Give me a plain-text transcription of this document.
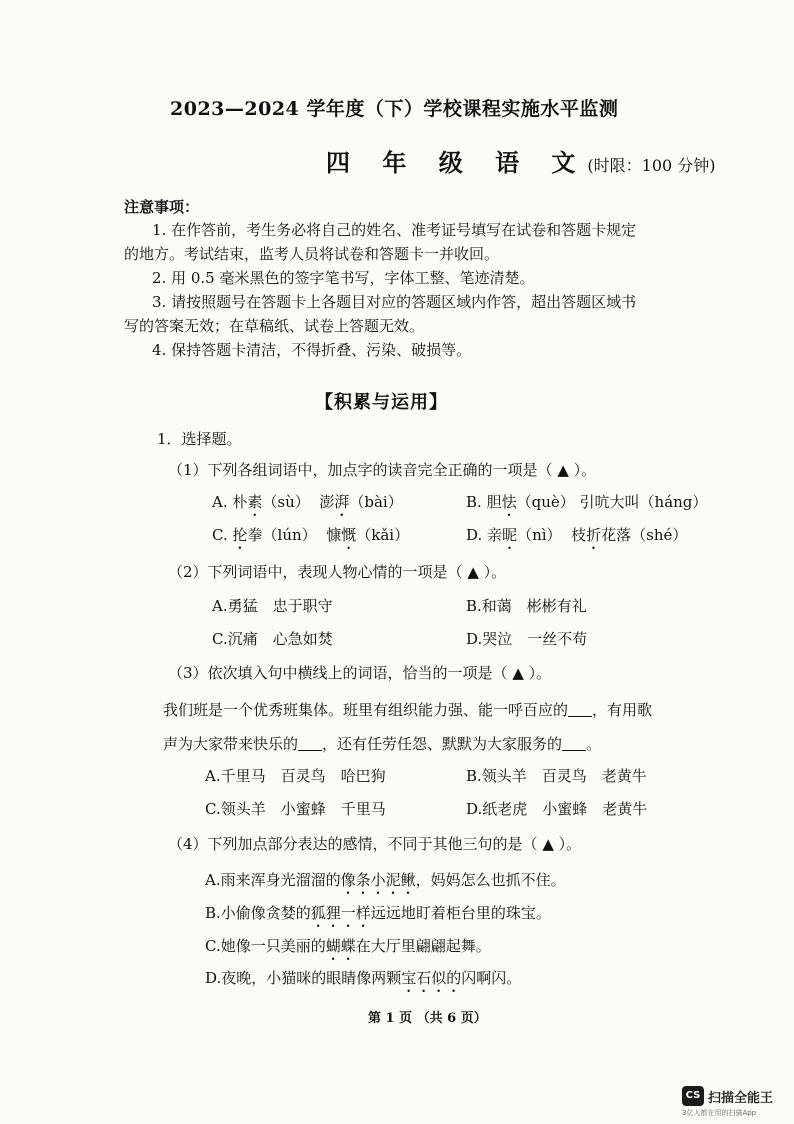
2023—2024 学年度（下）学校课程实施水平监测
四 年 级 语 文(时限：100 分钟)
注意事项：
1. 在作答前，考生务必将自己的姓名、准考证号填写在试卷和答题卡规定
的地方。考试结束，监考人员将试卷和答题卡一并收回。
2. 用 0.5 毫米黑色的签字笔书写，字体工整、笔迹清楚。
3. 请按照题号在答题卡上各题目对应的答题区域内作答，超出答题区域书
写的答案无效；在草稿纸、试卷上答题无效。
4. 保持答题卡清洁，不得折叠、污染、破损等。
【积累与运用】
1．选择题。
（1）下列各组词语中，加点字的读音完全正确的一项是（ ▲ ）。
A. 朴素（sù） 澎湃（bài）	B. 胆怯（què） 引吭大叫（háng）
C. 抡拳（lún） 慷慨（kǎi）	D. 亲昵（nì） 枝折花落（shé）
（2）下列词语中，表现人物心情的一项是（ ▲ ）。
A.勇猛　忠于职守	B.和蔼　彬彬有礼
C.沉痛　心急如焚	D.哭泣　一丝不苟
（3）依次填入句中横线上的词语，恰当的一项是（ ▲ ）。
我们班是一个优秀班集体。班里有组织能力强、能一呼百应的 ，有用歌
声为大家带来快乐的 ，还有任劳任怨、默默为大家服务的 。
A.千里马　百灵鸟　哈巴狗	B.领头羊　百灵鸟　老黄牛
C.领头羊　小蜜蜂　千里马	D.纸老虎　小蜜蜂　老黄牛
（4）下列加点部分表达的感情，不同于其他三句的是（ ▲ ）。
A.雨来浑身光溜溜的像条小泥鳅，妈妈怎么也抓不住。
B.小偷像贪婪的狐狸一样远远地盯着柜台里的珠宝。
C.她像一只美丽的蝴蝶在大厅里翩翩起舞。
D.夜晚，小猫咪的眼睛像两颗宝石似的闪啊闪。
第 1 页 （共 6 页）
CS 扫描全能王
3亿人都在用的扫描App
